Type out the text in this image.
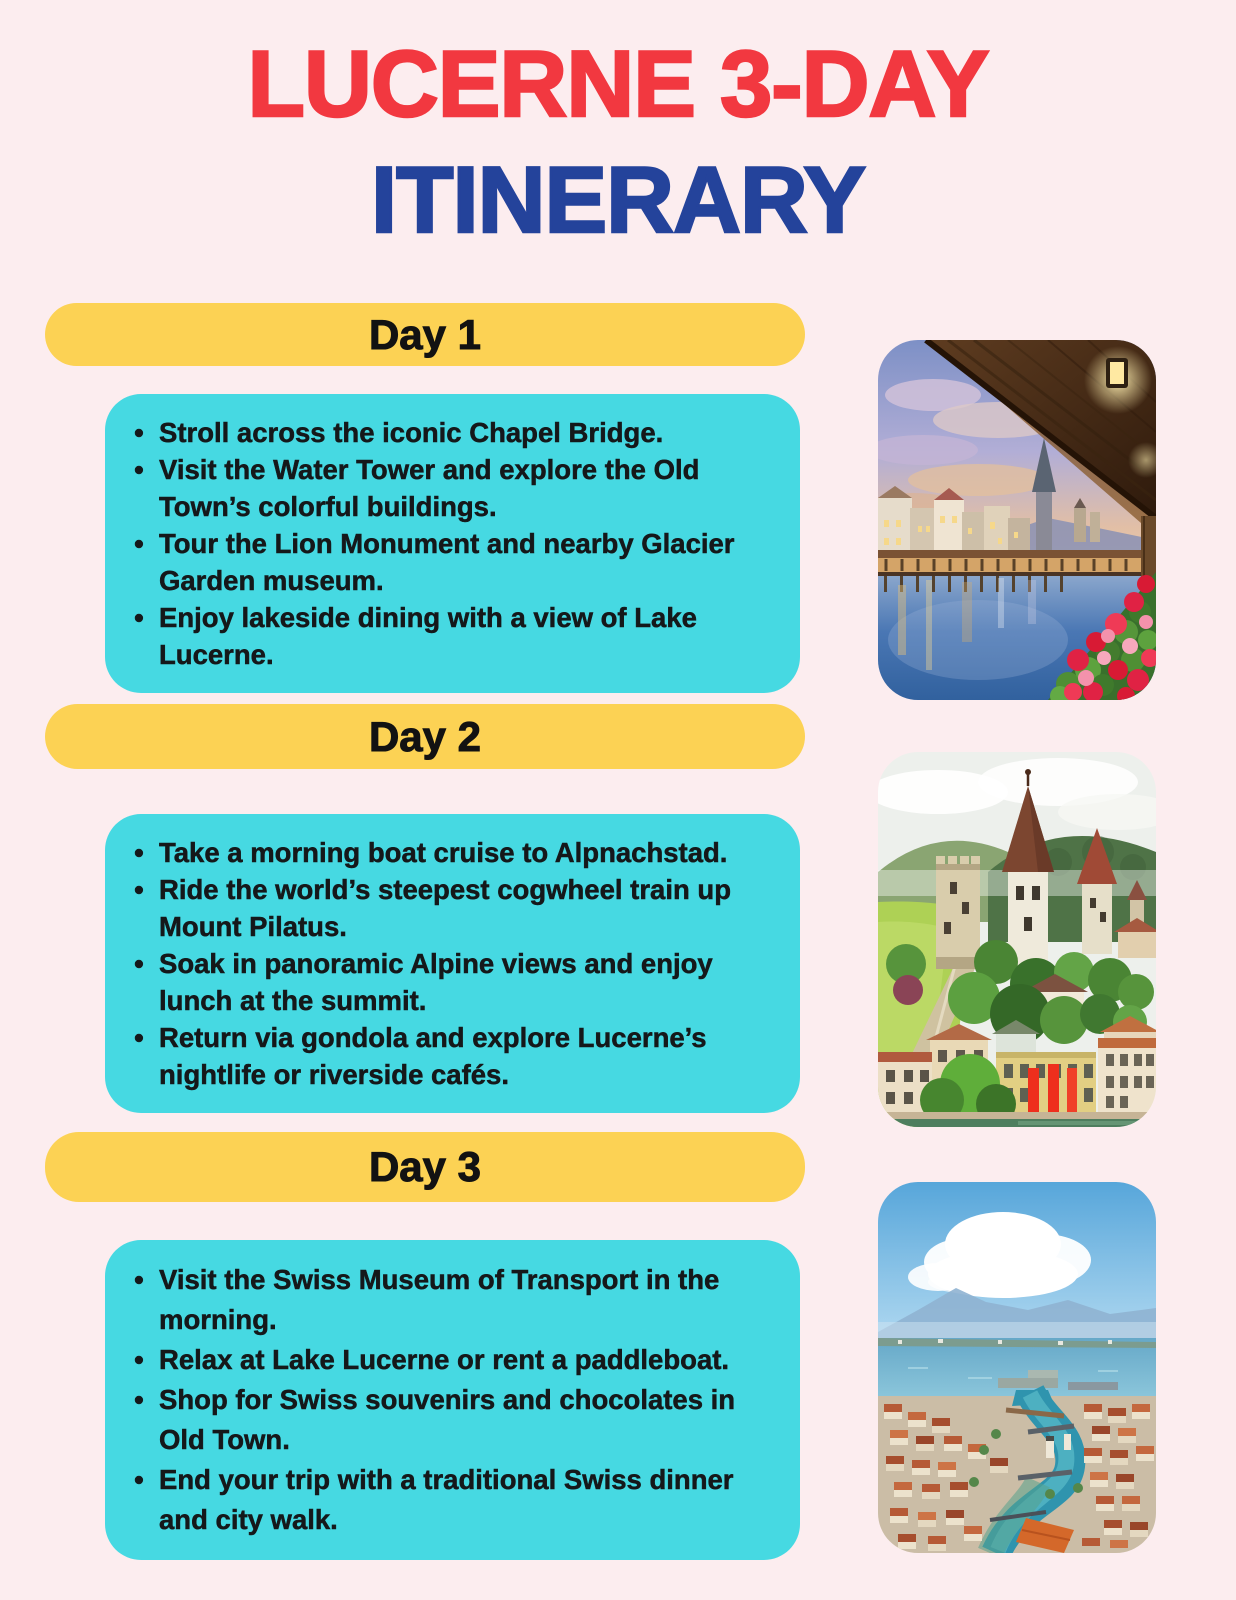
LUCERNE 3-DAY
ITINERARY
Day 1
• Stroll across the iconic Chapel Bridge.
• Visit the Water Tower and explore the Old Town’s colorful buildings.
• Tour the Lion Monument and nearby Glacier Garden museum.
• Enjoy lakeside dining with a view of Lake Lucerne.
Day 2
• Take a morning boat cruise to Alpnachstad.
• Ride the world’s steepest cogwheel train up Mount Pilatus.
• Soak in panoramic Alpine views and enjoy lunch at the summit.
• Return via gondola and explore Lucerne’s nightlife or riverside cafés.
Day 3
• Visit the Swiss Museum of Transport in the morning.
• Relax at Lake Lucerne or rent a paddleboat.
• Shop for Swiss souvenirs and chocolates in Old Town.
• End your trip with a traditional Swiss dinner and city walk.
